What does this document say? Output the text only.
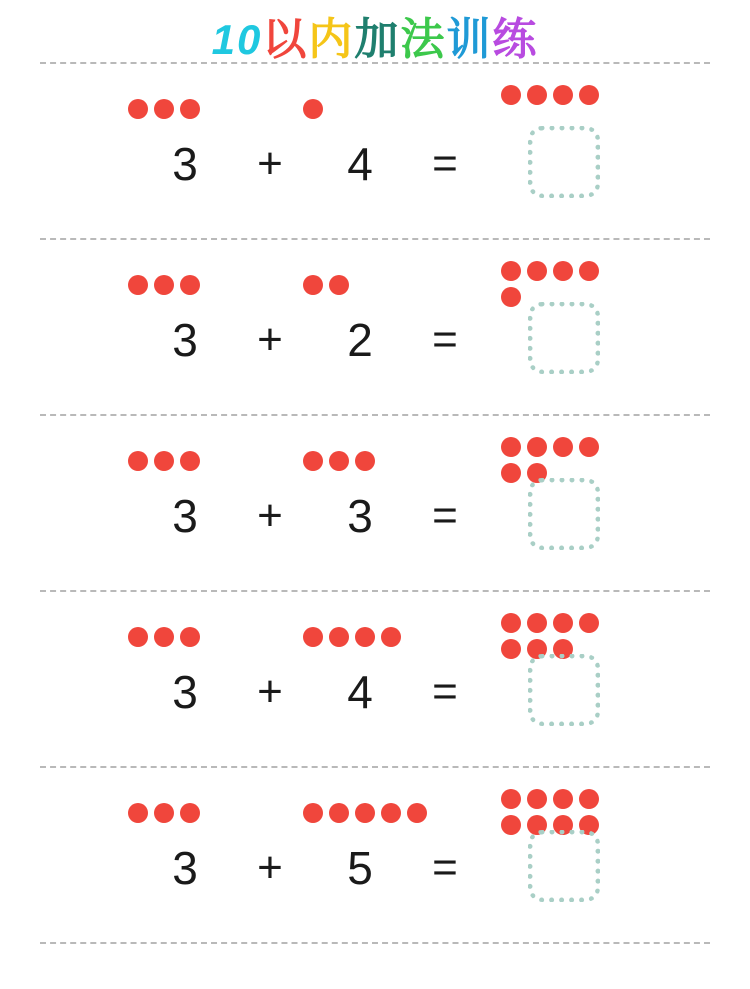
10以内加法训练
3	+	4	=
3	+	2	=
3	+	3	=
3	+	4	=
3	+	5	=
